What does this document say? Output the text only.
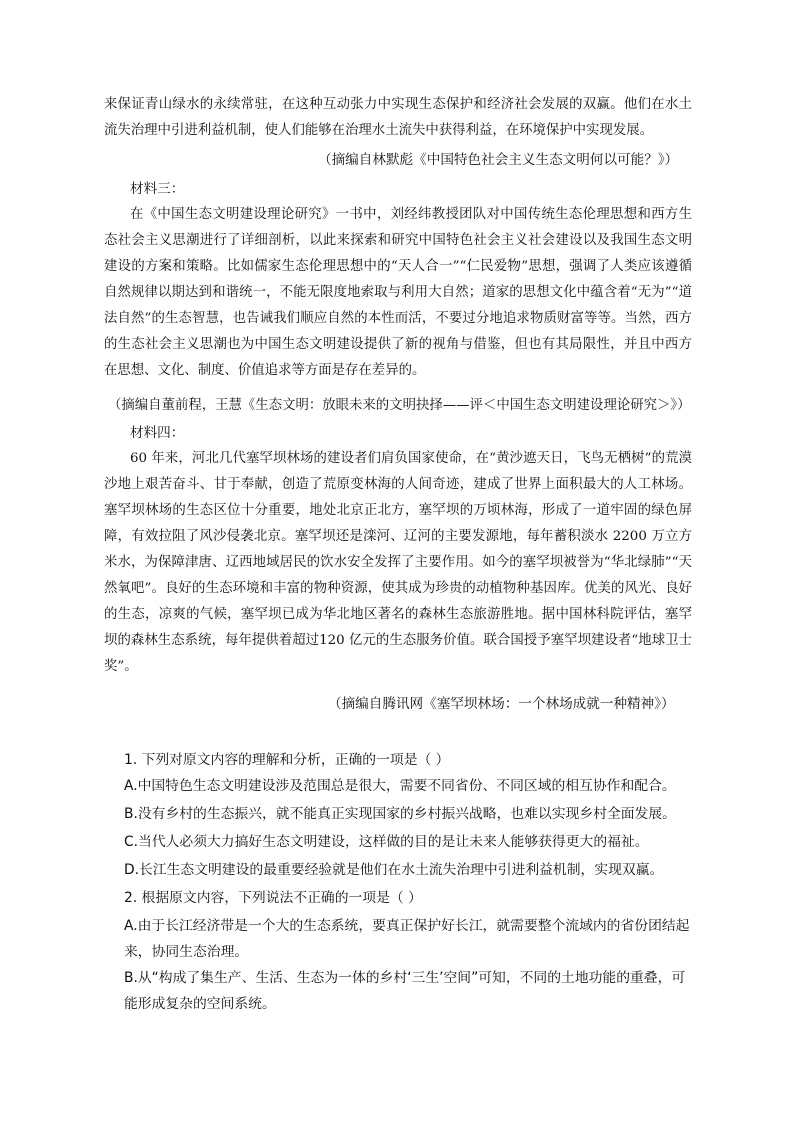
来保证青山绿水的永续常驻，在这种互动张力中实现生态保护和经济社会发展的双赢。他们在水土流失治理中引进利益机制，使人们能够在治理水土流失中获得利益，在环境保护中实现发展。
（摘编自林默彪《中国特色社会主义生态文明何以可能？》）
材料三：
在《中国生态文明建设理论研究》一书中，刘经纬教授团队对中国传统生态伦理思想和西方生态社会主义思潮进行了详细剖析，以此来探索和研究中国特色社会主义社会建设以及我国生态文明建设的方案和策略。比如儒家生态伦理思想中的“天人合一”“仁民爱物”思想，强调了人类应该遵循自然规律以期达到和谐统一，不能无限度地索取与利用大自然；道家的思想文化中蕴含着“无为”“道法自然”的生态智慧，也告诫我们顺应自然的本性而活，不要过分地追求物质财富等等。当然，西方的生态社会主义思潮也为中国生态文明建设提供了新的视角与借鉴，但也有其局限性，并且中西方在思想、文化、制度、价值追求等方面是存在差异的。
（摘编自董前程，王慧《生态文明：放眼未来的文明抉择——评＜中国生态文明建设理论研究＞》）
材料四：
60 年来，河北几代塞罕坝林场的建设者们肩负国家使命，在“黄沙遮天日，飞鸟无栖树”的荒漠沙地上艰苦奋斗、甘于奉献，创造了荒原变林海的人间奇迹，建成了世界上面积最大的人工林场。塞罕坝林场的生态区位十分重要，地处北京正北方，塞罕坝的万顷林海，形成了一道牢固的绿色屏障，有效拉阻了风沙侵袭北京。塞罕坝还是滦河、辽河的主要发源地，每年蓄积淡水 2200 万立方米水，为保障津唐、辽西地域居民的饮水安全发挥了主要作用。如今的塞罕坝被誉为“华北绿肺”“天然氧吧”。良好的生态环境和丰富的物种资源，使其成为珍贵的动植物种基因库。优美的风光、良好的生态，凉爽的气候，塞罕坝已成为华北地区著名的森林生态旅游胜地。据中国林科院评估，塞罕坝的森林生态系统，每年提供着超过120 亿元的生态服务价值。联合国授予塞罕坝建设者“地球卫士奖”。
（摘编自腾讯网《塞罕坝林场：一个林场成就一种精神》）
1. 下列对原文内容的理解和分析，正确的一项是（ ）
A.中国特色生态文明建设涉及范围总是很大，需要不同省份、不同区域的相互协作和配合。
B.没有乡村的生态振兴，就不能真正实现国家的乡村振兴战略，也难以实现乡村全面发展。
C.当代人必须大力搞好生态文明建设，这样做的目的是让未来人能够获得更大的福祉。
D.长江生态文明建设的最重要经验就是他们在水土流失治理中引进利益机制，实现双赢。
2. 根据原文内容，下列说法不正确的一项是（ ）
A.由于长江经济带是一个大的生态系统，要真正保护好长江，就需要整个流域内的省份团结起来，协同生态治理。
B.从“构成了集生产、生活、生态为一体的乡村‘三生’空间”可知，不同的土地功能的重叠，可能形成复杂的空间系统。
